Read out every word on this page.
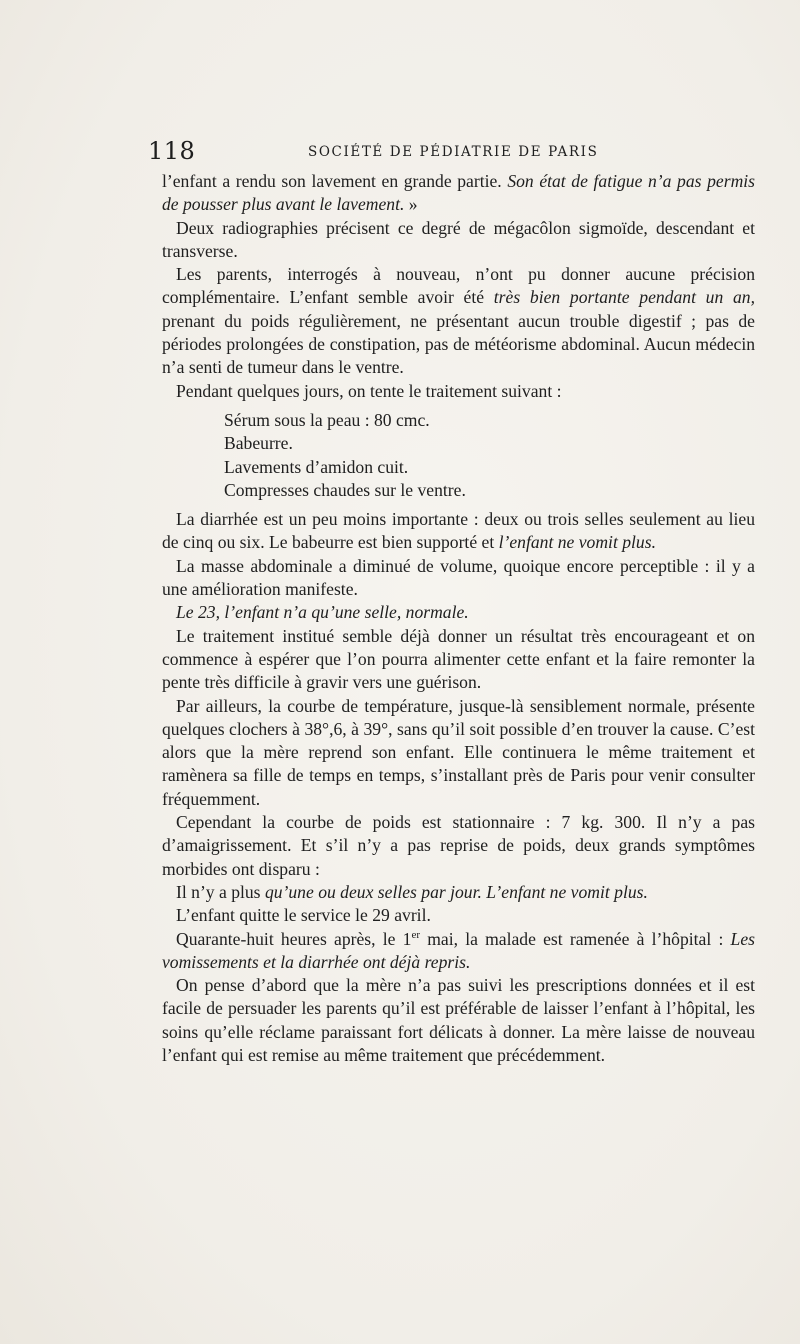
118	SOCIÉTÉ DE PÉDIATRIE DE PARIS

l’enfant a rendu son lavement en grande partie. Son état de fatigue n’a pas permis de pousser plus avant le lavement. »

Deux radiographies précisent ce degré de mégacôlon sigmoïde, descendant et transverse.

Les parents, interrogés à nouveau, n’ont pu donner aucune précision complémentaire. L’enfant semble avoir été très bien portante pendant un an, prenant du poids régulièrement, ne présentant aucun trouble digestif ; pas de périodes prolongées de constipation, pas de météorisme abdominal. Aucun médecin n’a senti de tumeur dans le ventre.

Pendant quelques jours, on tente le traitement suivant :

Sérum sous la peau : 80 cmc.
Babeurre.
Lavements d’amidon cuit.
Compresses chaudes sur le ventre.

La diarrhée est un peu moins importante : deux ou trois selles seulement au lieu de cinq ou six. Le babeurre est bien supporté et l’enfant ne vomit plus.

La masse abdominale a diminué de volume, quoique encore perceptible : il y a une amélioration manifeste.

Le 23, l’enfant n’a qu’une selle, normale.

Le traitement institué semble déjà donner un résultat très encourageant et on commence à espérer que l’on pourra alimenter cette enfant et la faire remonter la pente très difficile à gravir vers une guérison.

Par ailleurs, la courbe de température, jusque-là sensiblement normale, présente quelques clochers à 38°,6, à 39°, sans qu’il soit possible d’en trouver la cause. C’est alors que la mère reprend son enfant. Elle continuera le même traitement et ramènera sa fille de temps en temps, s’installant près de Paris pour venir consulter fréquemment.

Cependant la courbe de poids est stationnaire : 7 kg. 300. Il n’y a pas d’amaigrissement. Et s’il n’y a pas reprise de poids, deux grands symptômes morbides ont disparu :

Il n’y a plus qu’une ou deux selles par jour. L’enfant ne vomit plus.

L’enfant quitte le service le 29 avril.

Quarante-huit heures après, le 1er mai, la malade est ramenée à l’hôpital : Les vomissements et la diarrhée ont déjà repris.

On pense d’abord que la mère n’a pas suivi les prescriptions données et il est facile de persuader les parents qu’il est préférable de laisser l’enfant à l’hôpital, les soins qu’elle réclame paraissant fort délicats à donner. La mère laisse de nouveau l’enfant qui est remise au même traitement que précédemment.
